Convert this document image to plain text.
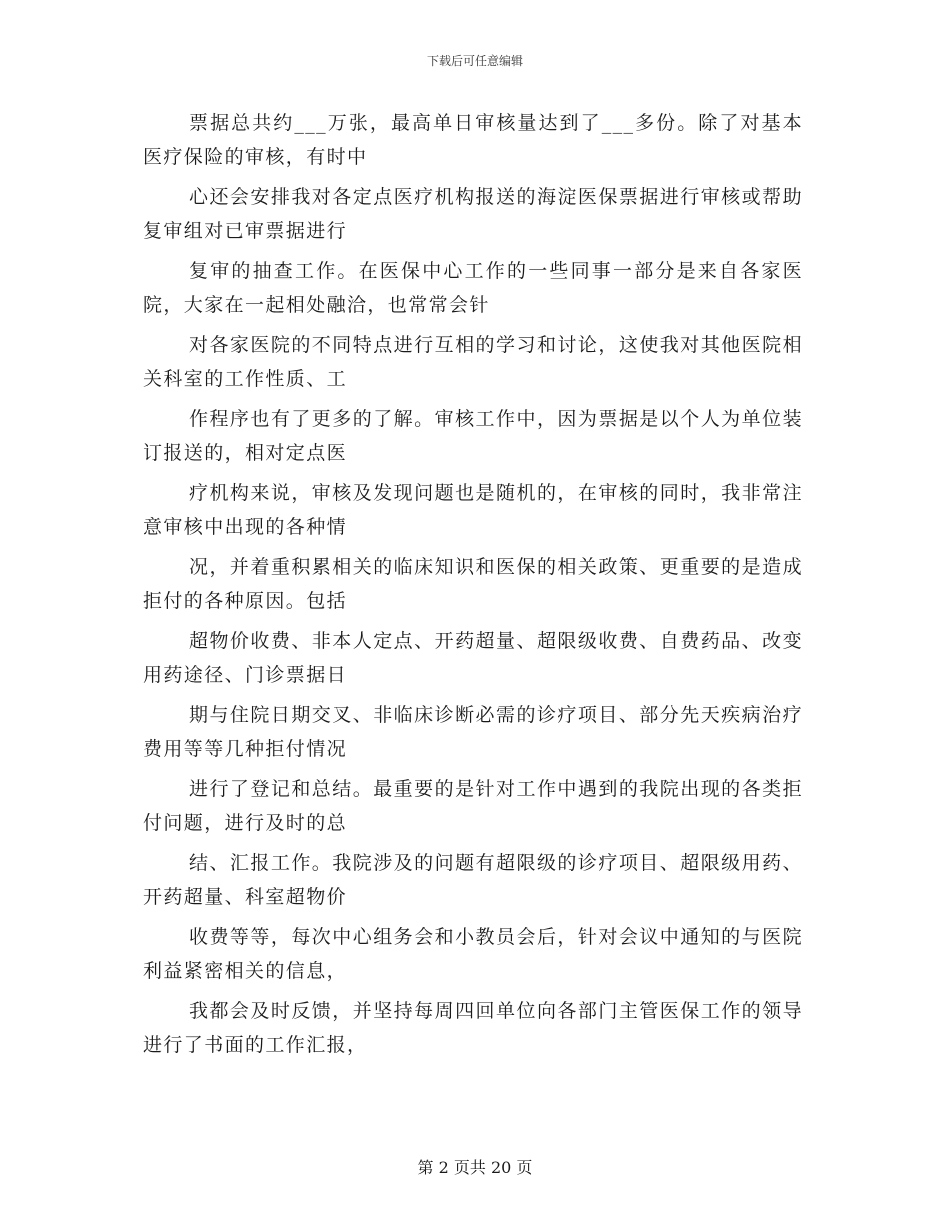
下载后可任意编辑

票据总共约___万张，最高单日审核量达到了___多份。除了对基本医疗保险的审核，有时中

心还会安排我对各定点医疗机构报送的海淀医保票据进行审核或帮助复审组对已审票据进行

复审的抽查工作。在医保中心工作的一些同事一部分是来自各家医院，大家在一起相处融洽，也常常会针

对各家医院的不同特点进行互相的学习和讨论，这使我对其他医院相关科室的工作性质、工

作程序也有了更多的了解。审核工作中，因为票据是以个人为单位装订报送的，相对定点医

疗机构来说，审核及发现问题也是随机的，在审核的同时，我非常注意审核中出现的各种情

况，并着重积累相关的临床知识和医保的相关政策、更重要的是造成拒付的各种原因。包括

超物价收费、非本人定点、开药超量、超限级收费、自费药品、改变用药途径、门诊票据日

期与住院日期交叉、非临床诊断必需的诊疗项目、部分先天疾病治疗费用等等几种拒付情况

进行了登记和总结。最重要的是针对工作中遇到的我院出现的各类拒付问题，进行及时的总

结、汇报工作。我院涉及的问题有超限级的诊疗项目、超限级用药、开药超量、科室超物价

收费等等，每次中心组务会和小教员会后，针对会议中通知的与医院利益紧密相关的信息，

我都会及时反馈，并坚持每周四回单位向各部门主管医保工作的领导进行了书面的工作汇报，

第 2 页共 20 页
